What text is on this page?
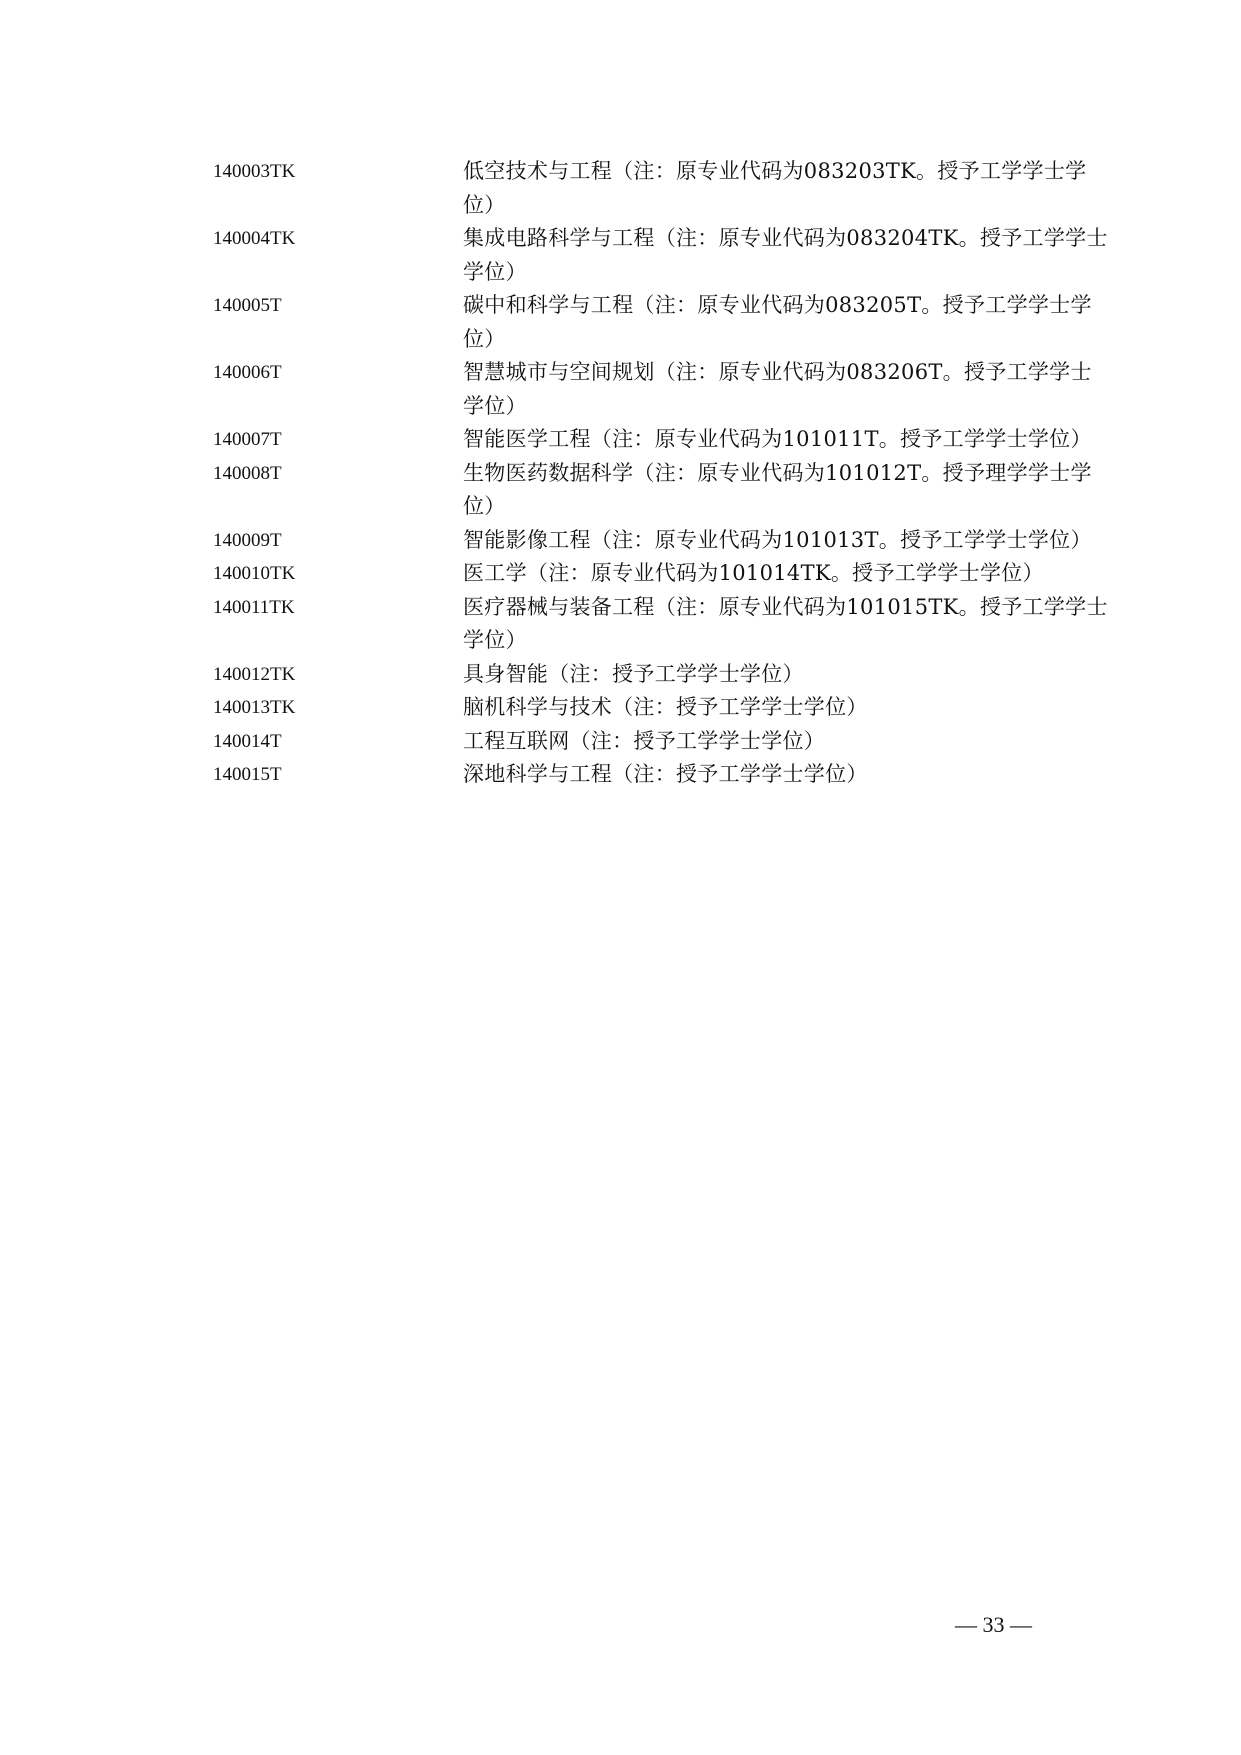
140003TK	低空技术与工程（注：原专业代码为083203TK。授予工学学士学位）
140004TK	集成电路科学与工程（注：原专业代码为083204TK。授予工学学士学位）
140005T	碳中和科学与工程（注：原专业代码为083205T。授予工学学士学位）
140006T	智慧城市与空间规划（注：原专业代码为083206T。授予工学学士学位）
140007T	智能医学工程（注：原专业代码为101011T。授予工学学士学位）
140008T	生物医药数据科学（注：原专业代码为101012T。授予理学学士学位）
140009T	智能影像工程（注：原专业代码为101013T。授予工学学士学位）
140010TK	医工学（注：原专业代码为101014TK。授予工学学士学位）
140011TK	医疗器械与装备工程（注：原专业代码为101015TK。授予工学学士学位）
140012TK	具身智能（注：授予工学学士学位）
140013TK	脑机科学与技术（注：授予工学学士学位）
140014T	工程互联网（注：授予工学学士学位）
140015T	深地科学与工程（注：授予工学学士学位）
— 33 —
